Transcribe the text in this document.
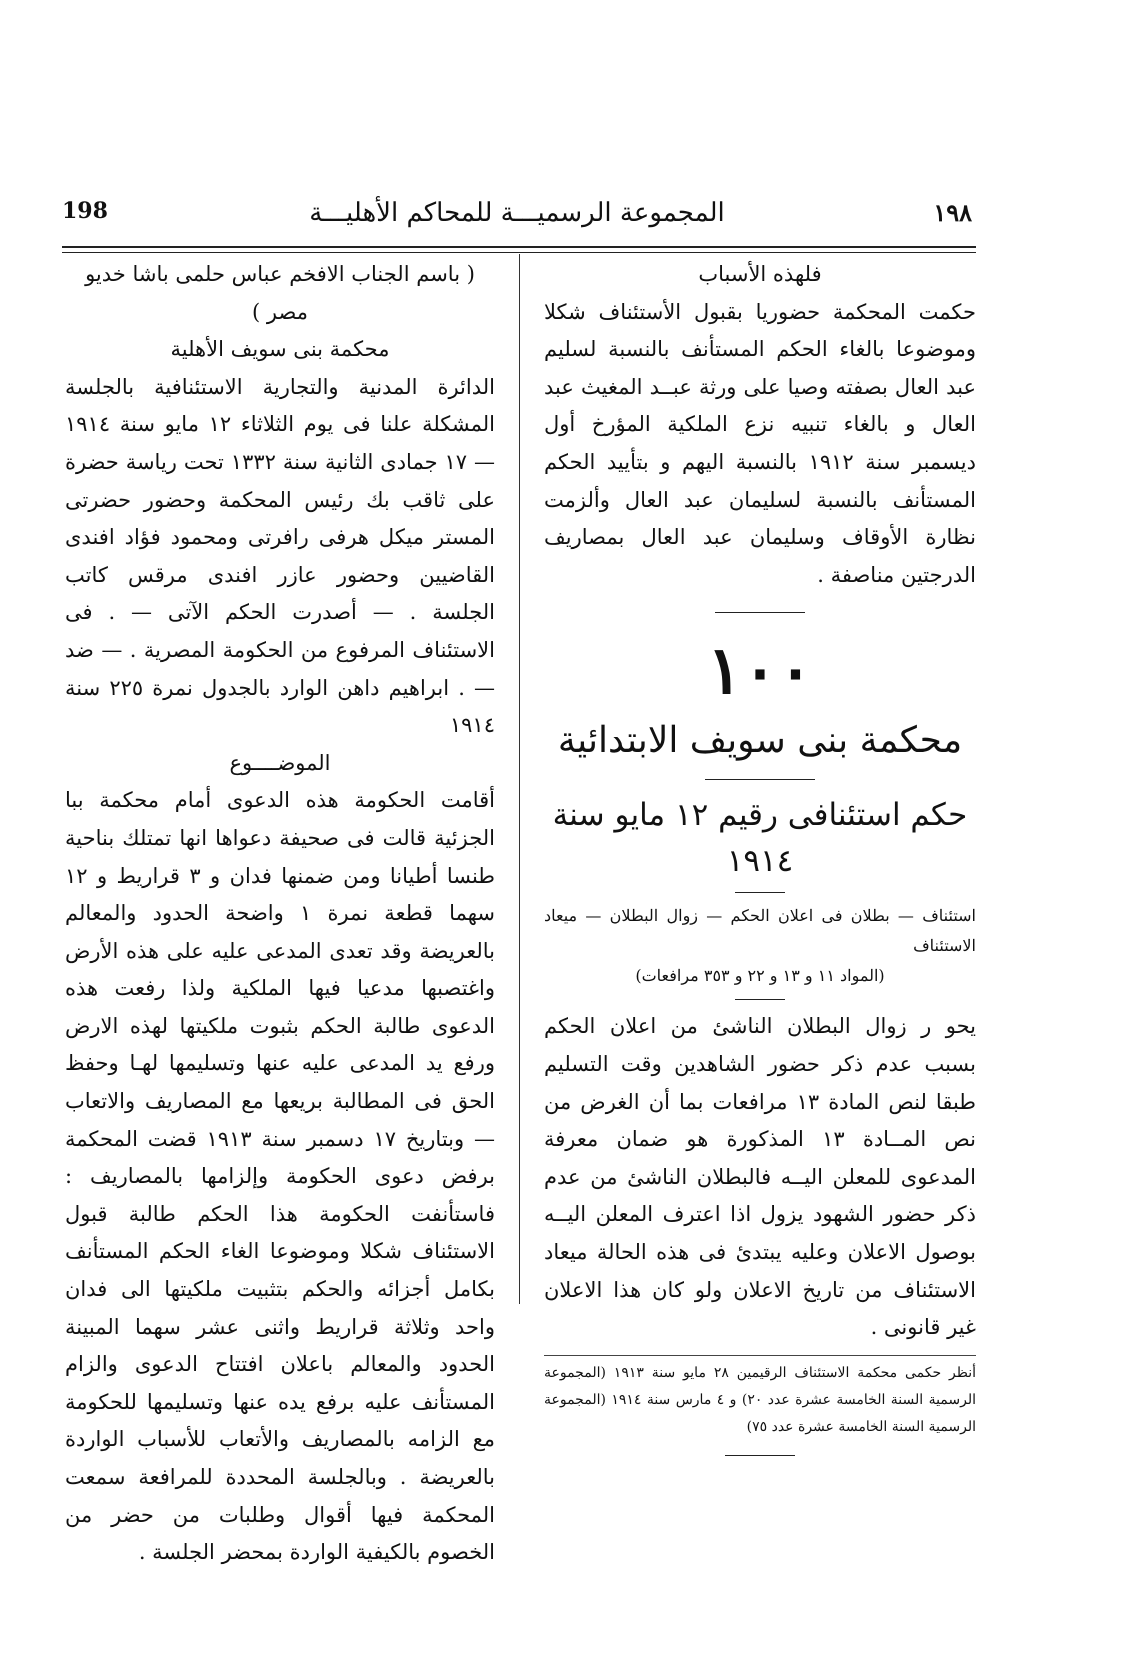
198	المجموعة الرسميـــة للمحاكم الأهليـــة	١٩٨

فلهذه الأسباب

حكمت المحكمة حضوريا بقبول الأستئناف شكلا وموضوعا بالغاء الحكم المستأنف بالنسبة لسليم عبد العال بصفته وصيا على ورثة عبــد المغيث عبد العال و بالغاء تنبيه نزع الملكية المؤرخ أول ديسمبر سنة ١٩١٢ بالنسبة اليهم و بتأييد الحكم المستأنف بالنسبة لسليمان عبد العال وألزمت نظارة الأوقاف وسليمان عبد العال بمصاريف الدرجتين مناصفة .

١٠٠

محكمة بنى سويف الابتدائية

حكم استئنافى رقيم ١٢ مايو سنة ١٩١٤

استئناف — بطلان فى اعلان الحكم — زوال البطلان — ميعاد الاستئناف

(المواد ١١ و ١٣ و ٢٢ و ٣٥٣ مرافعات)

يحو ر زوال البطلان الناشئ من اعلان الحكم بسبب عدم ذكر حضور الشاهدين وقت التسليم طبقا لنص المادة ١٣ مرافعات بما أن الغرض من نص المــادة ١٣ المذكورة هو ضمان معرفة المدعوى للمعلن اليــه فالبطلان الناشئ من عدم ذكر حضور الشهود يزول اذا اعترف المعلن اليــه بوصول الاعلان وعليه يبتدئ فى هذه الحالة ميعاد الاستئناف من تاريخ الاعلان ولو كان هذا الاعلان غير قانونى .

أنظر حكمى محكمة الاستئناف الرقيمين ٢٨ مايو سنة ١٩١٣ (المجموعة الرسمية السنة الخامسة عشرة عدد ٢٠) و ٤ مارس سنة ١٩١٤ (المجموعة الرسمية السنة الخامسة عشرة عدد ٧٥)

( باسم الجناب الافخم عباس حلمى باشا خديو مصر )

محكمة بنى سويف الأهلية

الدائرة المدنية والتجارية الاستئنافية بالجلسة المشكلة علنا فى يوم الثلاثاء ١٢ مايو سنة ١٩١٤ — ١٧ جمادى الثانية سنة ١٣٣٢ تحت رياسة حضرة على ثاقب بك رئيس المحكمة وحضور حضرتى المستر ميكل هرفى رافرتى ومحمود فؤاد افندى القاضيين وحضور عازر افندى مرقس كاتب الجلسة . — أصدرت الحكم الآتى — . فى الاستئناف المرفوع من الحكومة المصرية . — ضد — . ابراهيم داهن الوارد بالجدول نمرة ٢٢٥ سنة ١٩١٤

الموضــــوع

أقامت الحكومة هذه الدعوى أمام محكمة ببا الجزئية قالت فى صحيفة دعواها انها تمتلك بناحية طنسا أطيانا ومن ضمنها فدان و ٣ قراريط و ١٢ سهما قطعة نمرة ١ واضحة الحدود والمعالم بالعريضة وقد تعدى المدعى عليه على هذه الأرض واغتصبها مدعيا فيها الملكية ولذا رفعت هذه الدعوى طالبة الحكم بثبوت ملكيتها لهذه الارض ورفع يد المدعى عليه عنها وتسليمها لهـا وحفظ الحق فى المطالبة بريعها مع المصاريف والاتعاب — وبتاريخ ١٧ دسمبر سنة ١٩١٣ قضت المحكمة برفض دعوى الحكومة وإلزامها بالمصاريف : فاستأنفت الحكومة هذا الحكم طالبة قبول الاستئناف شكلا وموضوعا الغاء الحكم المستأنف بكامل أجزائه والحكم بتثبيت ملكيتها الى فدان واحد وثلاثة قراريط واثنى عشر سهما المبينة الحدود والمعالم باعلان افتتاح الدعوى والزام المستأنف عليه برفع يده عنها وتسليمها للحكومة مع الزامه بالمصاريف والأتعاب للأسباب الواردة بالعريضة . وبالجلسة المحددة للمرافعة سمعت المحكمة فيها أقوال وطلبات من حضر من الخصوم بالكيفية الواردة بمحضر الجلسة .
